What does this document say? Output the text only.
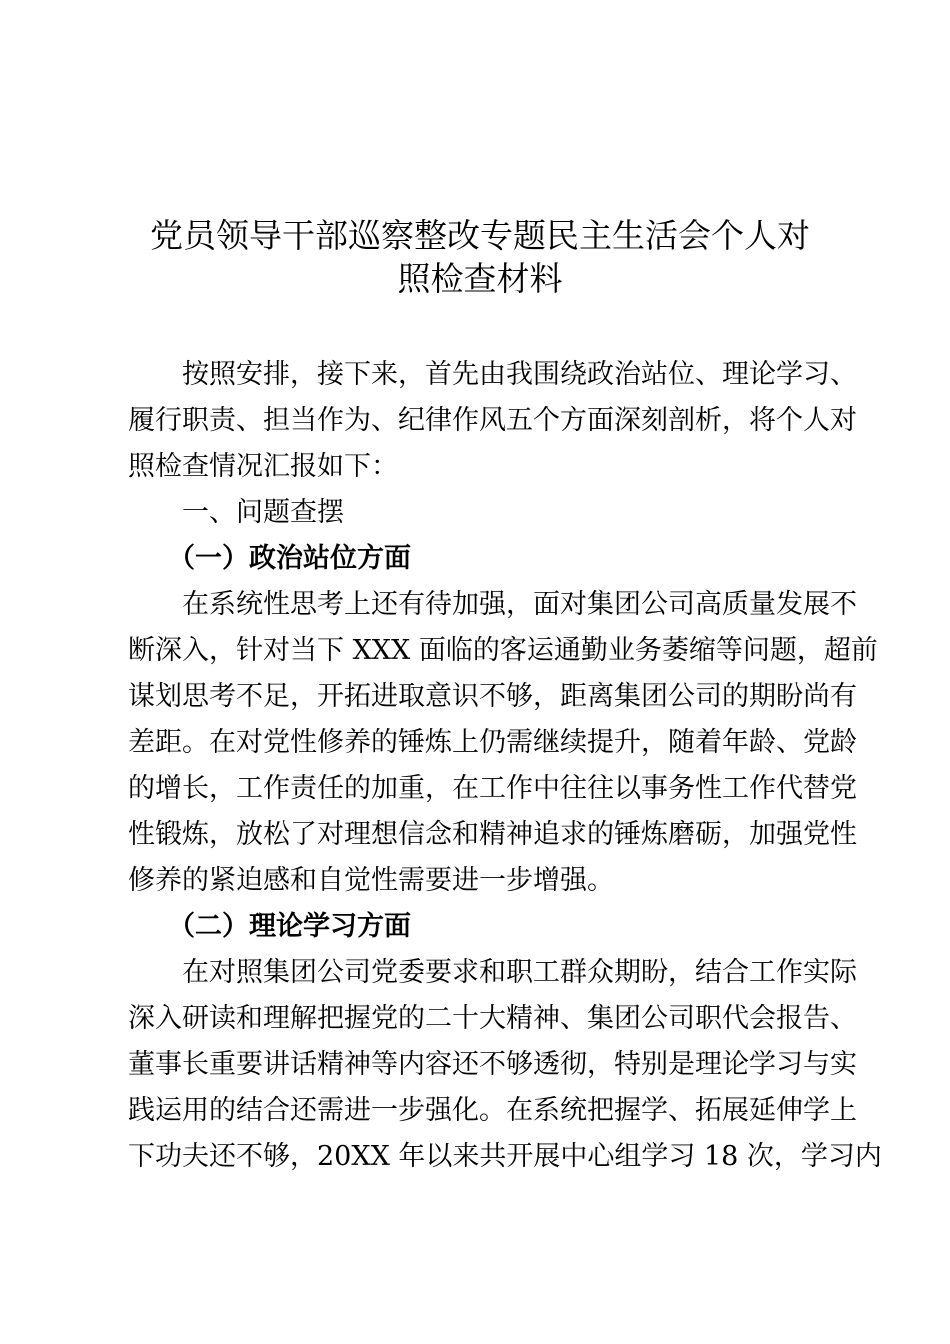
党员领导干部巡察整改专题民主生活会个人对
照检查材料
按照安排，接下来，首先由我围绕政治站位、理论学习、
履行职责、担当作为、纪律作风五个方面深刻剖析，将个人对
照检查情况汇报如下：
一、问题查摆
（一）政治站位方面
在系统性思考上还有待加强，面对集团公司高质量发展不
断深入，针对当下 XXX 面临的客运通勤业务萎缩等问题，超前
谋划思考不足，开拓进取意识不够，距离集团公司的期盼尚有
差距。在对党性修养的锤炼上仍需继续提升，随着年龄、党龄
的增长，工作责任的加重，在工作中往往以事务性工作代替党
性锻炼，放松了对理想信念和精神追求的锤炼磨砺，加强党性
修养的紧迫感和自觉性需要进一步增强。
（二）理论学习方面
在对照集团公司党委要求和职工群众期盼，结合工作实际
深入研读和理解把握党的二十大精神、集团公司职代会报告、
董事长重要讲话精神等内容还不够透彻，特别是理论学习与实
践运用的结合还需进一步强化。在系统把握学、拓展延伸学上
下功夫还不够，20XX 年以来共开展中心组学习 18 次，学习内
